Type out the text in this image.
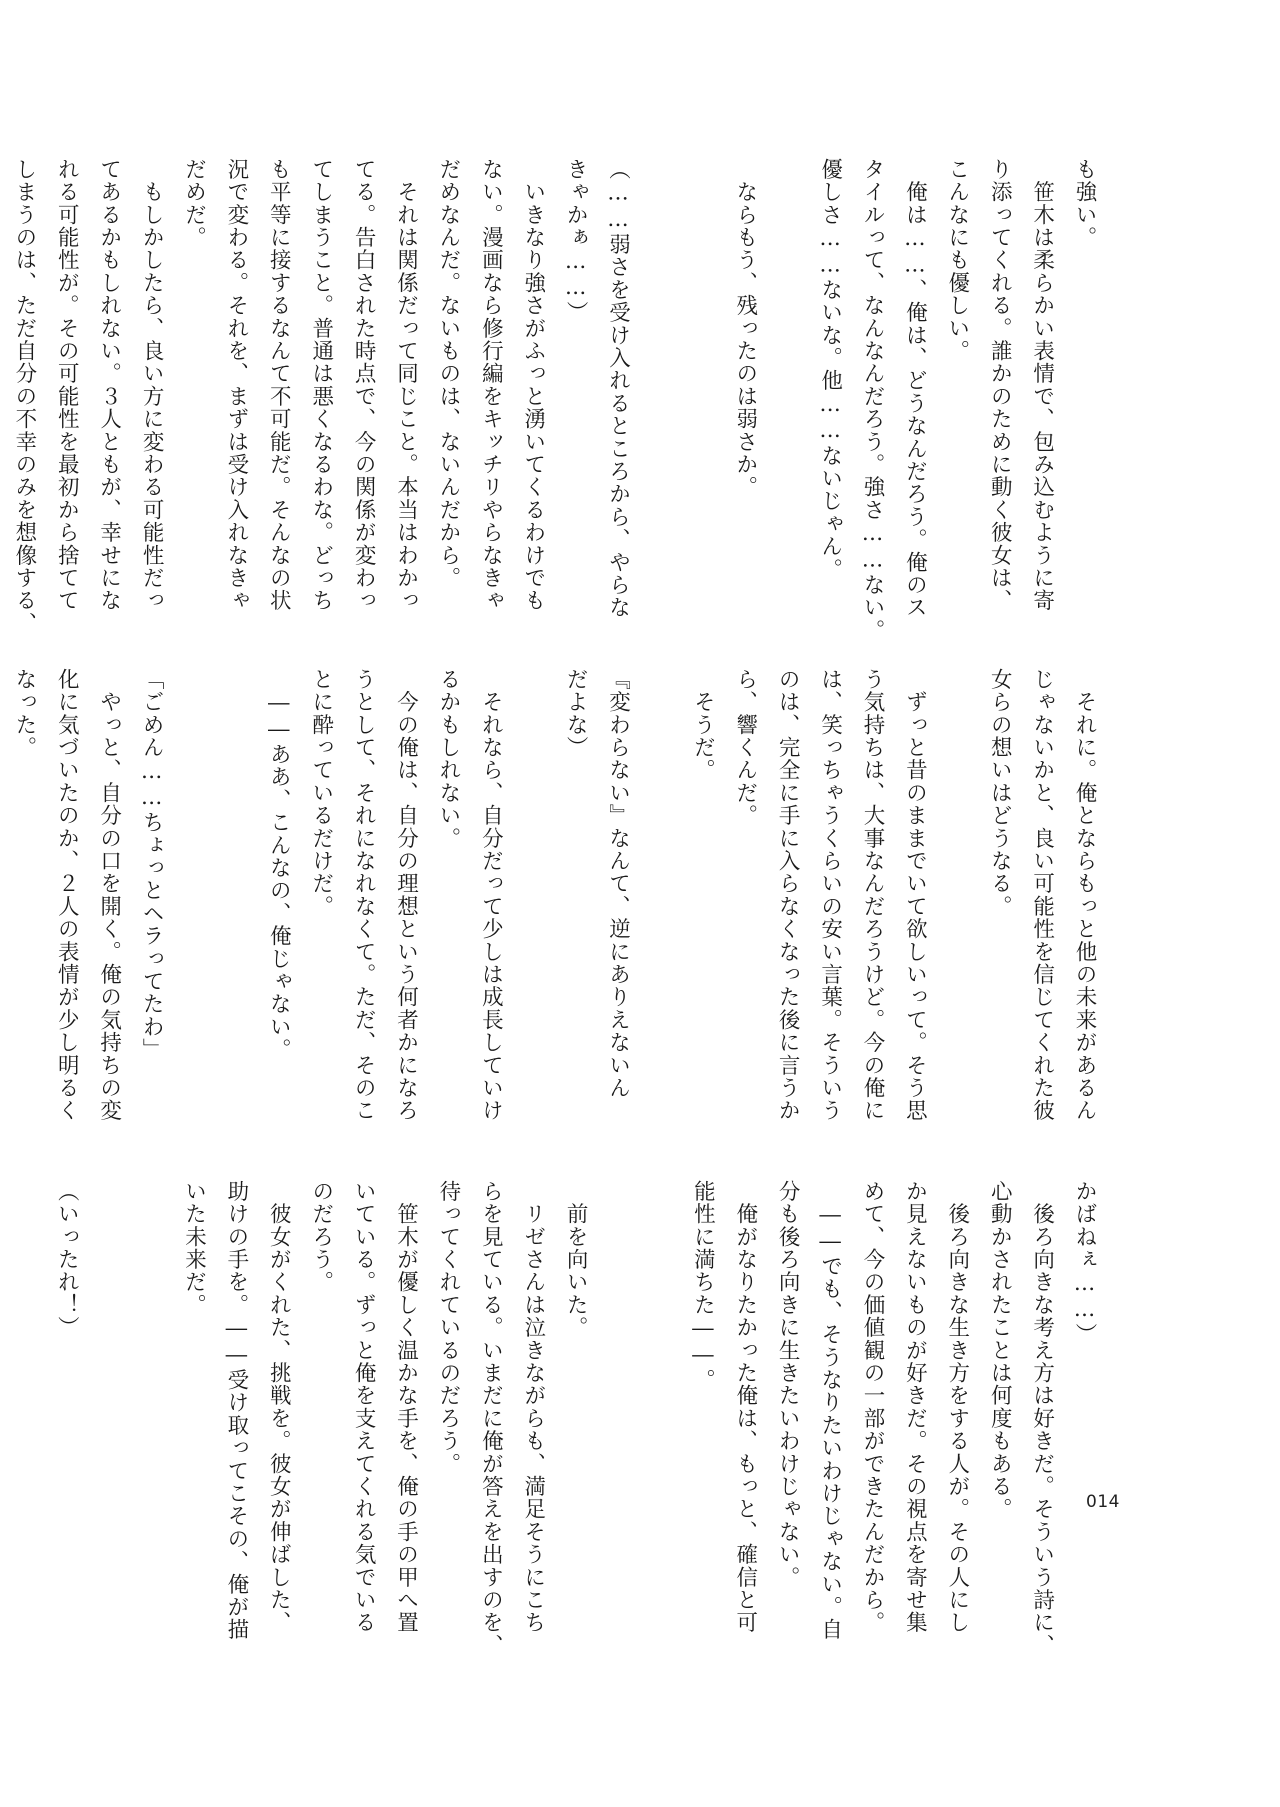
も強い。
　笹木は柔らかい表情で、包み込むように寄
り添ってくれる。誰かのために動く彼女は、
こんなにも優しい。
　俺は……、俺は、どうなんだろう。俺のス
タイルって、なんなんだろう。強さ……ない。
優しさ……ないな。他……ないじゃん。

　ならもう、残ったのは弱さか。

（……弱さを受け入れるところから、やらな
きゃかぁ……）
　いきなり強さがふっと湧いてくるわけでも
ない。漫画なら修行編をキッチリやらなきゃ
だめなんだ。ないものは、ないんだから。
　それは関係だって同じこと。本当はわかっ
てる。告白された時点で、今の関係が変わっ
てしまうこと。普通は悪くなるわな。どっち
も平等に接するなんて不可能だ。そんなの状
況で変わる。それを、まずは受け入れなきゃ
だめだ。
　もしかしたら、良い方に変わる可能性だっ
てあるかもしれない。３人ともが、幸せにな
れる可能性が。その可能性を最初から捨てて
しまうのは、ただ自分の不幸のみを想像する、
　それに。俺とならもっと他の未来があるん
じゃないかと、良い可能性を信じてくれた彼
女らの想いはどうなる。

　ずっと昔のままでいて欲しいって。そう思
う気持ちは、大事なんだろうけど。今の俺に
は、笑っちゃうくらいの安い言葉。そういう
のは、完全に手に入らなくなった後に言うか
ら、響くんだ。
　そうだ。

『変わらない』なんて、逆にありえないん
だよな）

　それなら、自分だって少しは成長していけ
るかもしれない。
　今の俺は、自分の理想という何者かになろ
うとして、それになれなくて。ただ、そのこ
とに酔っているだけだ。
　――ああ、こんなの、俺じゃない。

「ごめん……ちょっとヘラってたわ」
　やっと、自分の口を開く。俺の気持ちの変
化に気づいたのか、２人の表情が少し明るく
なった。
かばねぇ……）
　後ろ向きな考え方は好きだ。そういう詩に、
心動かされたことは何度もある。
　後ろ向きな生き方をする人が。その人にし
か見えないものが好きだ。その視点を寄せ集
めて、今の価値観の一部ができたんだから。
　――でも、そうなりたいわけじゃない。自
分も後ろ向きに生きたいわけじゃない。
　俺がなりたかった俺は、もっと、確信と可
能性に満ちた――。

　前を向いた。
　リゼさんは泣きながらも、満足そうにこち
らを見ている。いまだに俺が答えを出すのを、
待ってくれているのだろう。
　笹木が優しく温かな手を、俺の手の甲へ置
いている。ずっと俺を支えてくれる気でいる
のだろう。
　彼女がくれた、挑戦を。彼女が伸ばした、
助けの手を。――受け取ってこその、俺が描
いた未来だ。

（いったれ！）

014
